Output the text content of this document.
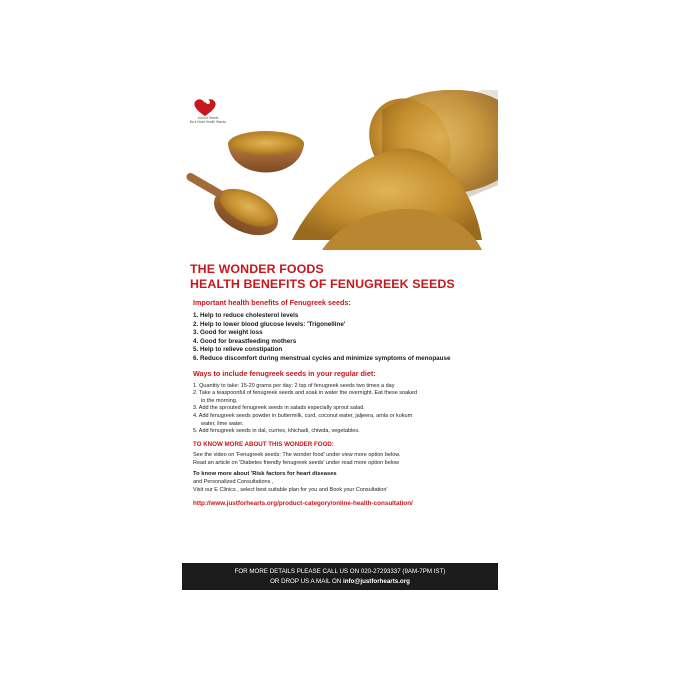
Just for Hearts
Be a Heart Health Warrior
THE WONDER FOODS
HEALTH BENEFITS OF FENUGREEK SEEDS
Important health benefits of Fenugreek seeds:
1. Help to reduce cholesterol levels
2. Help to lower blood glucose levels: 'Trigonelline'
3. Good for weight loss
4. Good for breastfeeding mothers
5. Help to relieve constipation
6. Reduce discomfort during menstrual cycles and minimize symptoms of menopause
Ways to include fenugreek seeds in your regular diet:
1. Quantity to take: 15-20 grams per day: 2 tsp of fenugreek seeds two times a day
2. Take a teaspoonful of fenugreek seeds and soak in water the overnight. Eat these soaked
in the morning.
3. Add the sprouted fenugreek seeds in salads especially sprout salad.
4. Add fenugreek seeds powder in buttermilk, curd, coconut water, jaljeera, amla or kokum
water, lime water.
5. Add fenugreek seeds in dal, curries, khichadi, chiwda, vegetables.
TO KNOW MORE ABOUT THIS WONDER FOOD:
See the video on 'Fenugreek seeds: The wonder food' under view more option below.
Read an article on 'Diabetes friendly fenugreek seeds' under read more option below
To know more about 'Risk factors for heart diseases
and Personalized Consultations ,
Visit our E Clinics , select best suitable plan for you and Book your Consultation'
http://www.justforhearts.org/product-category/online-health-consultation/
FOR MORE DETAILS PLEASE CALL US ON 020-27293337 (9AM-7PM IST)
OR DROP US A MAIL ON info@justforhearts.org
